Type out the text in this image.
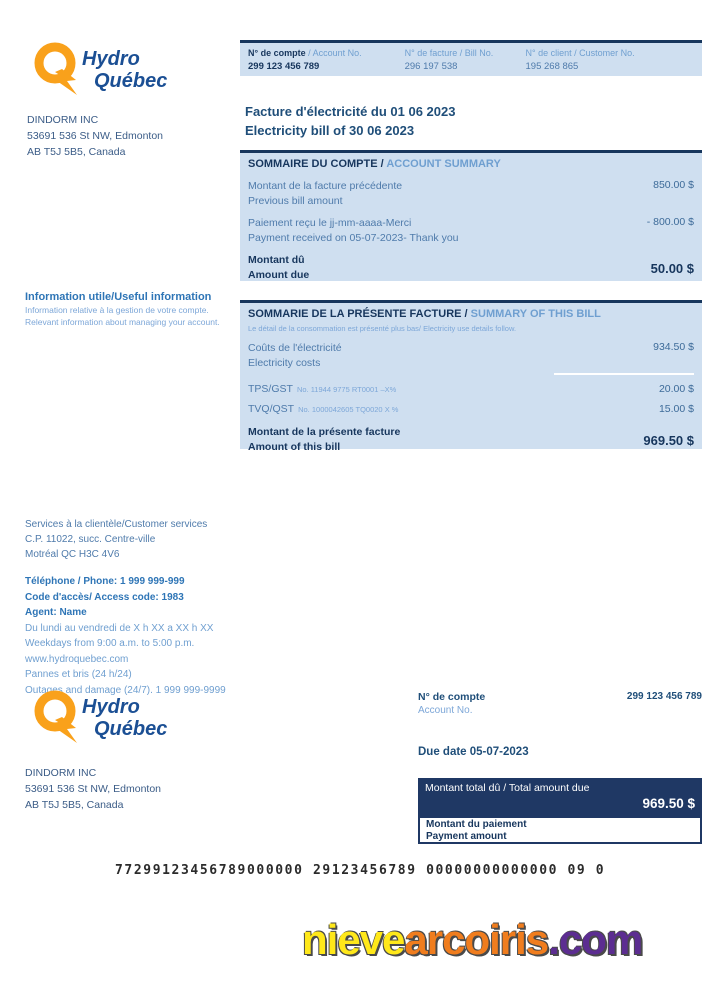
Hydro
Québec
N° de compte / Account No.
299 123 456 789
N° de facture / Bill No.
296 197 538
N° de client / Customer No.
195 268 865
DINDORM INC
53691 536 St NW, Edmonton
AB T5J 5B5, Canada
Facture d'électricité du 01 06 2023
Electricity bill of 30 06 2023
SOMMAIRE DU COMPTE / ACCOUNT SUMMARY
Montant de la facture précédente
Previous bill amount
850.00 $
Paiement reçu le jj-mm-aaaa-Merci
Payment received on 05-07-2023- Thank you
- 800.00 $
Montant dû
Amount due	50.00 $
Information utile/Useful information
Information relative à la gestion de votre compte.
Relevant information about managing your account.
SOMMARIE DE LA PRÉSENTE FACTURE / SUMMARY OF THIS BILL
Le détail de la consommation est présenté plus bas/ Electricity use details follow.
Coûts de l'électricité
Electricity costs
934.50 $
TPS/GST No. 11944 9775 RT0001 –X%	20.00 $
TVQ/QST No. 1000042605 TQ0020 X %	15.00 $
Montant de la présente facture
Amount of this bill	969.50 $
Services à la clientèle/Customer services
C.P. 11022, succ. Centre-ville
Motréal QC H3C 4V6
Téléphone / Phone: 1 999 999-999
Code d'accès/ Access code: 1983
Agent: Name
Du lundi au vendredi de X h XX a XX h XX
Weekdays from 9:00 a.m. to 5:00 p.m.
www.hydroquebec.com
Pannes et bris (24 h/24)
Outages and damage (24/7). 1 999 999-9999
Hydro
Québec
N° de compte	299 123 456 789
Account No.
Due date 05-07-2023
DINDORM INC
53691 536 St NW, Edmonton
AB T5J 5B5, Canada
Montant total dû / Total amount due
969.50 $
Montant du paiement
Payment amount
77299123456789000000 29123456789 00000000000000 09 0
nievearcoiris.com
